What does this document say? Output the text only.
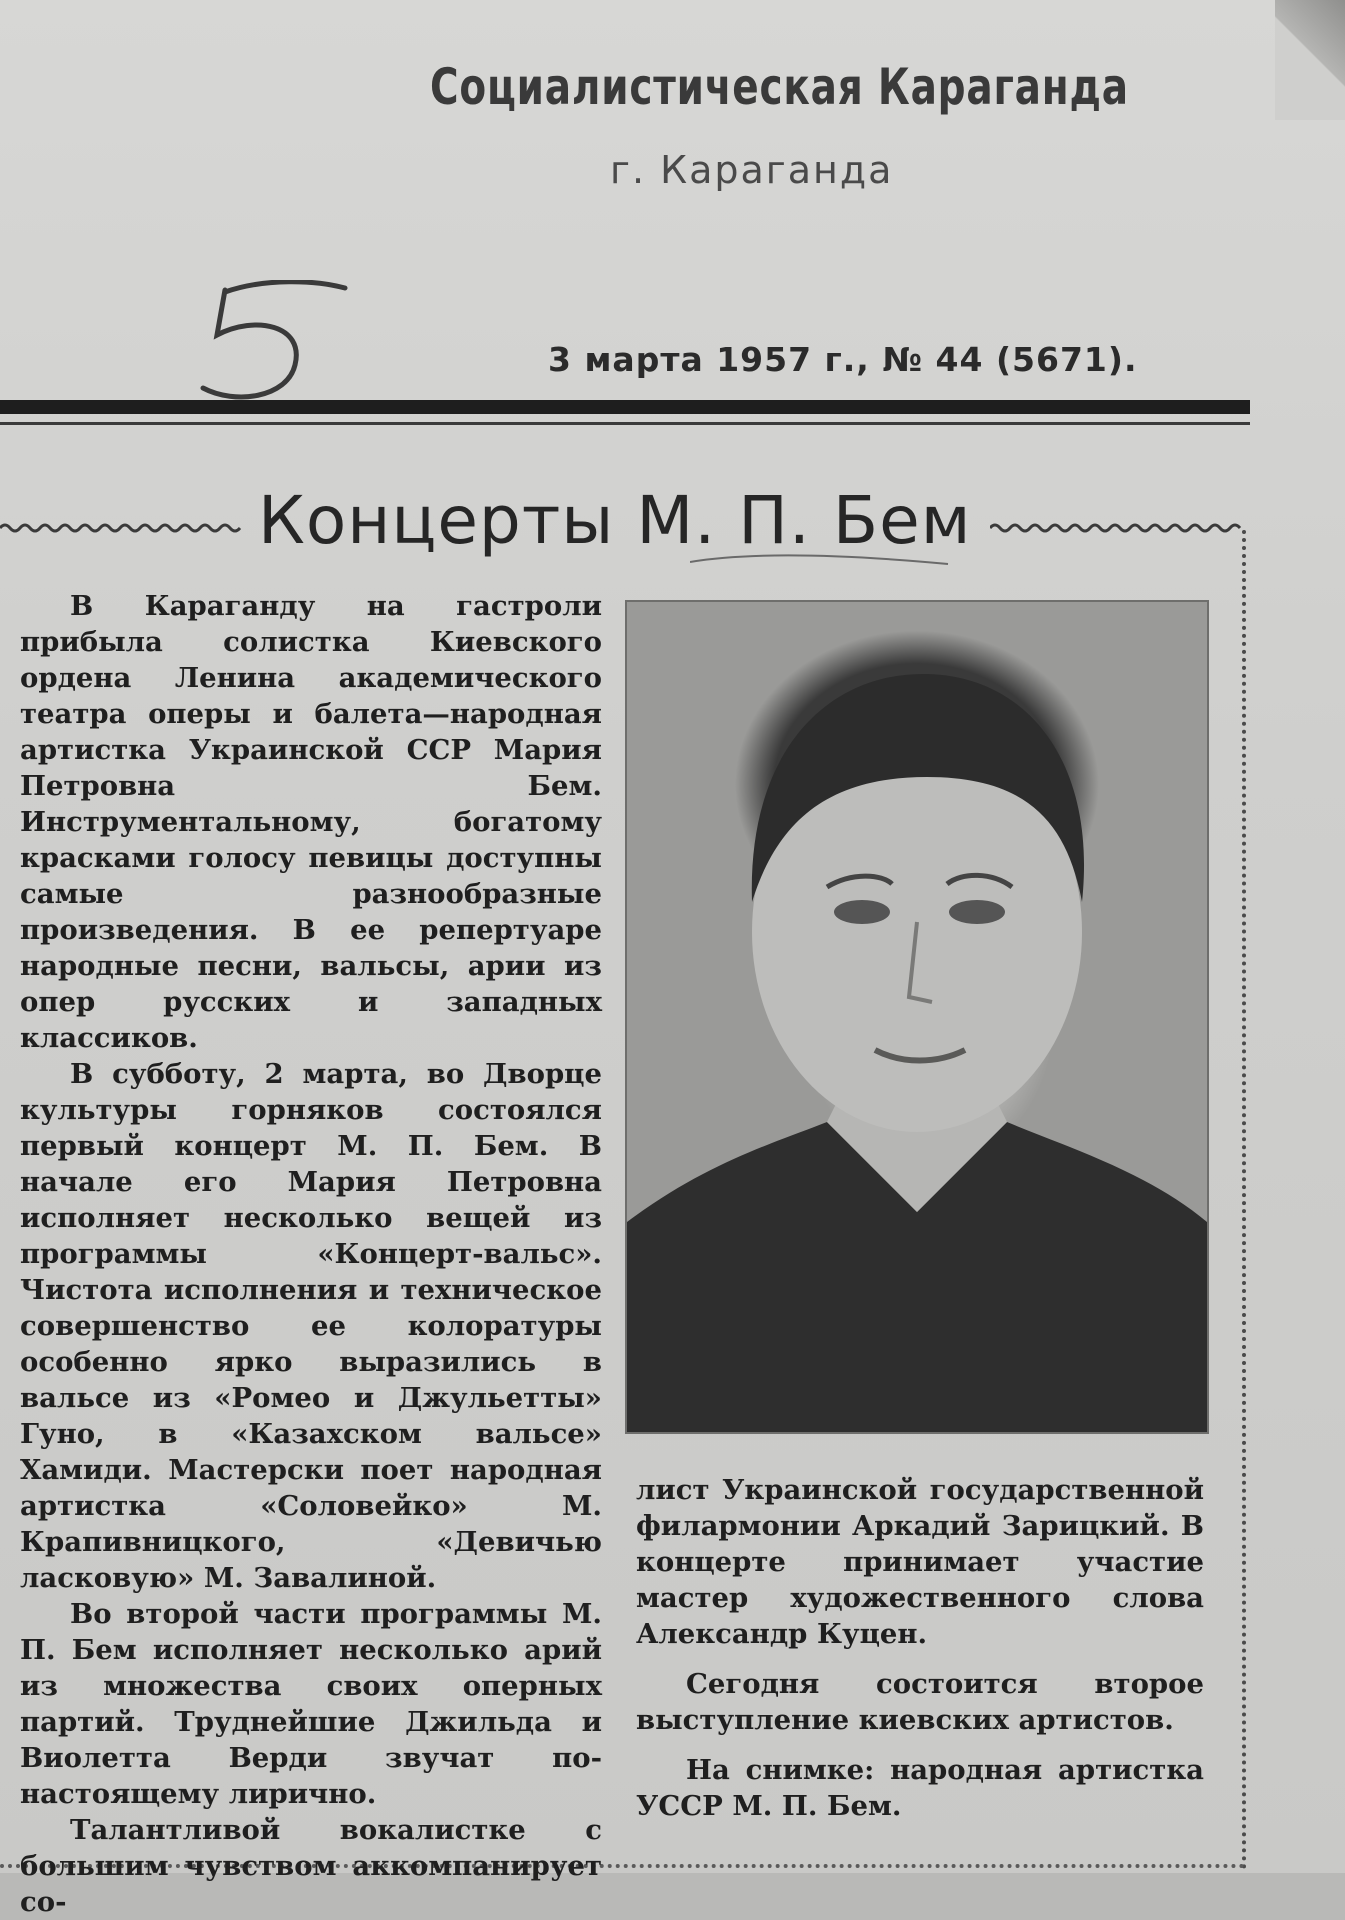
Социалистическая Караганда
г. Караганда
3 марта 1957 г., № 44 (5671).
Концерты М. П. Бем

В Караганду на гастроли прибыла солистка Киевского ордена Ленина академического театра оперы и балета—народная артистка Украинской ССР Мария Петровна Бем. Инструментальному, богатому красками голосу певицы доступны самые разнообразные произведения. В ее репертуаре народные песни, вальсы, арии из опер русских и западных классиков.

В субботу, 2 марта, во Дворце культуры горняков состоялся первый концерт М. П. Бем. В начале его Мария Петровна исполняет несколько вещей из программы «Концерт-вальс». Чистота исполнения и техническое совершенство ее колоратуры особенно ярко выразились в вальсе из «Ромео и Джульетты» Гуно, в «Казахском вальсе» Хамиди. Мастерски поет народная артистка «Соловейко» М. Крапивницкого, «Девичью ласковую» М. Завалиной.

Во второй части программы М. П. Бем исполняет несколько арий из множества своих оперных партий. Труднейшие Джильда и Виолетта Верди звучат по-настоящему лирично.

Талантливой вокалистке с большим чувством аккомпанирует со-

лист Украинской государственной филармонии Аркадий Зарицкий. В концерте принимает участие мастер художественного слова Александр Куцен.

Сегодня состоится второе выступление киевских артистов.

На снимке: народная артистка УССР М. П. Бем.
